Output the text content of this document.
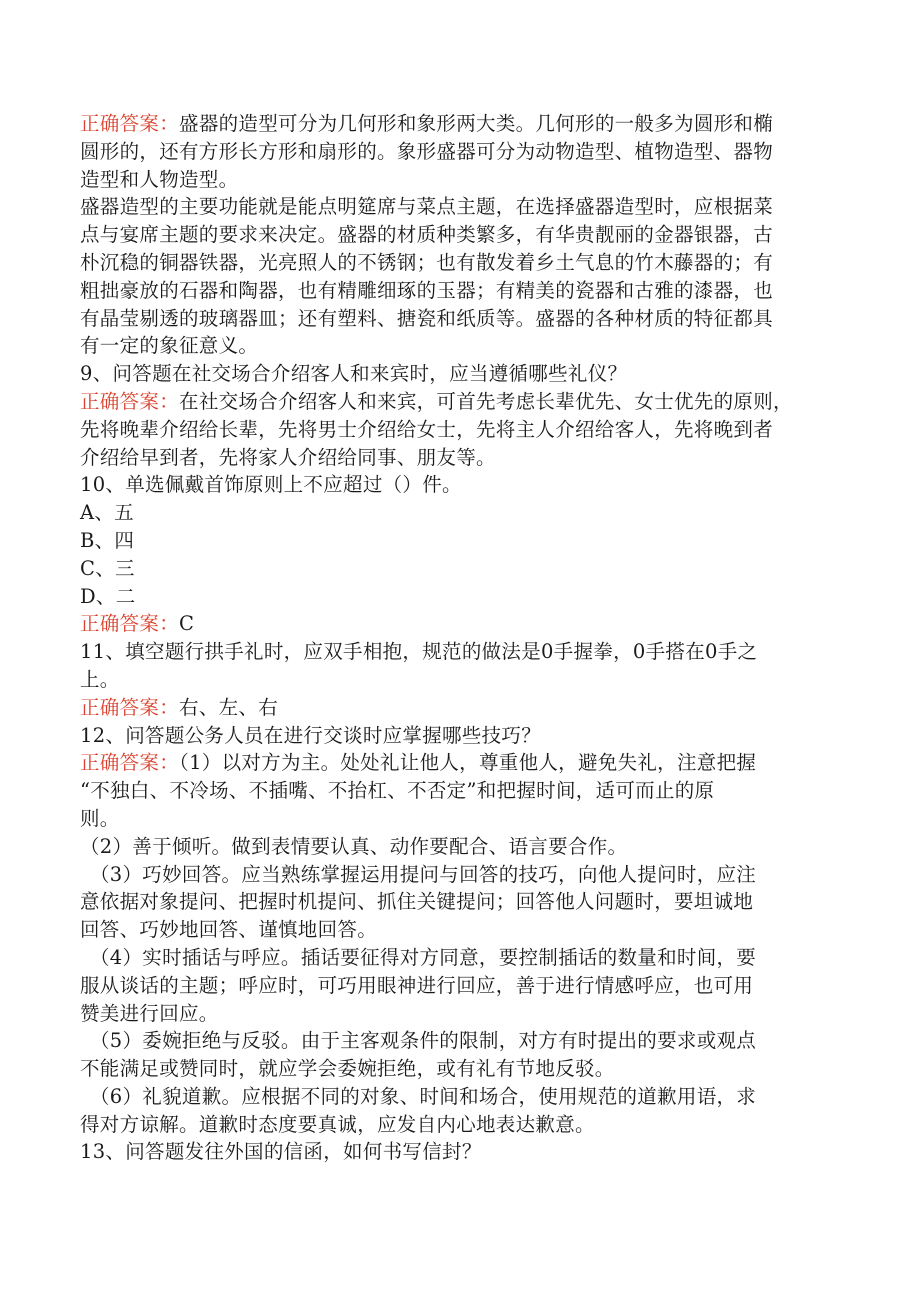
正确答案：盛器的造型可分为几何形和象形两大类。几何形的一般多为圆形和椭
圆形的，还有方形长方形和扇形的。象形盛器可分为动物造型、植物造型、器物
造型和人物造型。
盛器造型的主要功能就是能点明筵席与菜点主题，在选择盛器造型时，应根据菜
点与宴席主题的要求来决定。盛器的材质种类繁多，有华贵靓丽的金器银器，古
朴沉稳的铜器铁器，光亮照人的不锈钢；也有散发着乡土气息的竹木藤器的；有
粗拙豪放的石器和陶器，也有精雕细琢的玉器；有精美的瓷器和古雅的漆器，也
有晶莹剔透的玻璃器皿；还有塑料、搪瓷和纸质等。盛器的各种材质的特征都具
有一定的象征意义。
9、问答题在社交场合介绍客人和来宾时，应当遵循哪些礼仪？
正确答案：在社交场合介绍客人和来宾，可首先考虑长辈优先、女士优先的原则，
先将晚辈介绍给长辈，先将男士介绍给女士，先将主人介绍给客人，先将晚到者
介绍给早到者，先将家人介绍给同事、朋友等。
10、单选佩戴首饰原则上不应超过（）件。
A、五
B、四
C、三
D、二
正确答案：C
11、填空题行拱手礼时，应双手相抱，规范的做法是0手握拳，0手搭在0手之
上。
正确答案：右、左、右
12、问答题公务人员在进行交谈时应掌握哪些技巧？
正确答案：（1）以对方为主。处处礼让他人，尊重他人，避免失礼，注意把握
“不独白、不冷场、不插嘴、不抬杠、不否定”和把握时间，适可而止的原
则。
（2）善于倾听。做到表情要认真、动作要配合、语言要合作。
（3）巧妙回答。应当熟练掌握运用提问与回答的技巧，向他人提问时，应注
意依据对象提问、把握时机提问、抓住关键提问；回答他人问题时，要坦诚地
回答、巧妙地回答、谨慎地回答。
（4）实时插话与呼应。插话要征得对方同意，要控制插话的数量和时间，要
服从谈话的主题；呼应时，可巧用眼神进行回应，善于进行情感呼应，也可用
赞美进行回应。
（5）委婉拒绝与反驳。由于主客观条件的限制，对方有时提出的要求或观点
不能满足或赞同时，就应学会委婉拒绝，或有礼有节地反驳。
（6）礼貌道歉。应根据不同的对象、时间和场合，使用规范的道歉用语，求
得对方谅解。道歉时态度要真诚，应发自内心地表达歉意。
13、问答题发往外国的信函，如何书写信封？
